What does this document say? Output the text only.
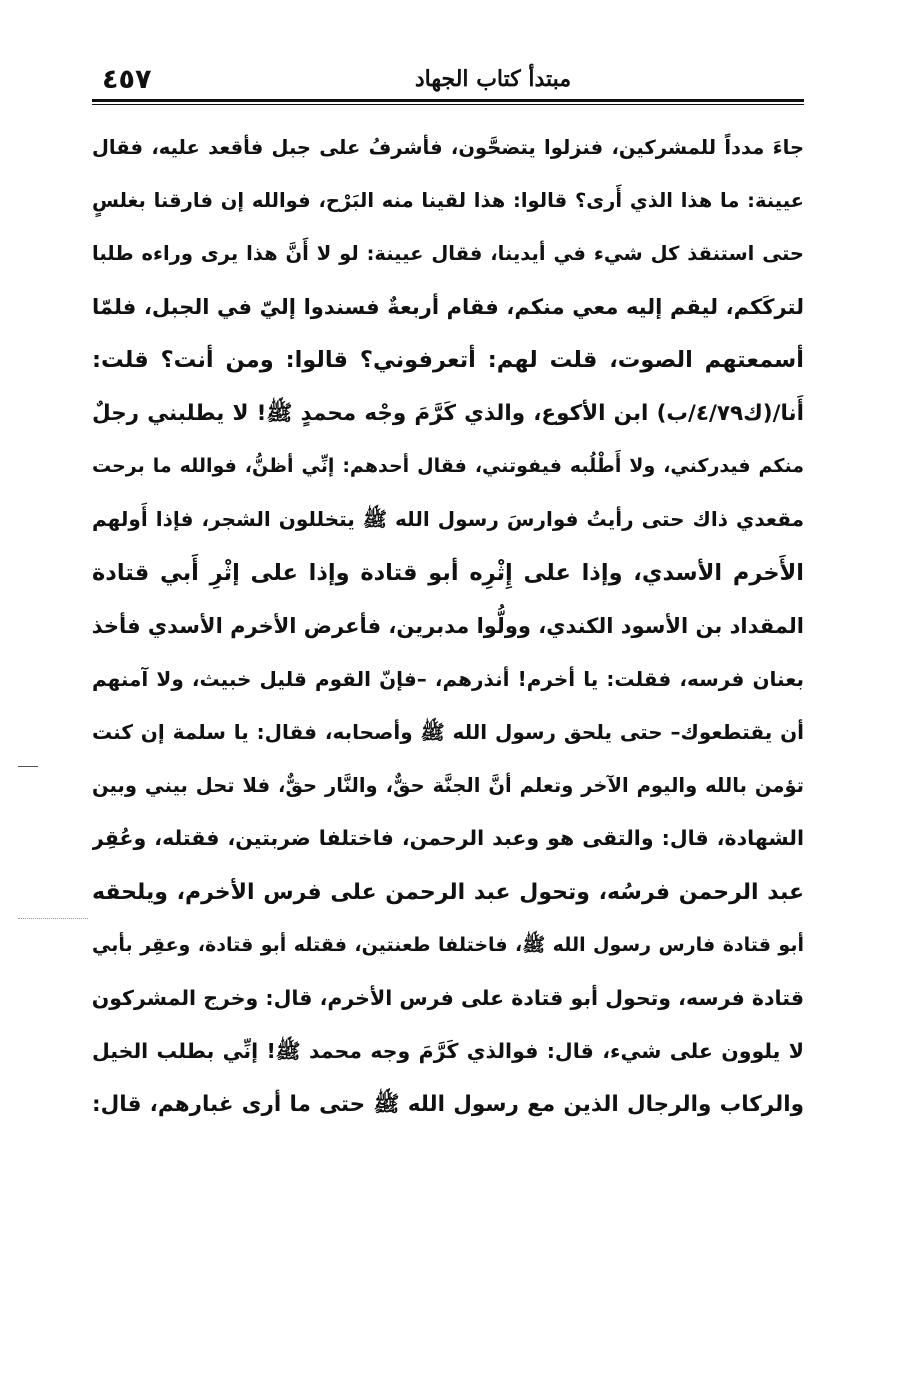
٤٥٧	مبتدأ كتاب الجهاد
جاءَ مدداً للمشركين، فنزلوا يتضحَّون، فأشرفُ على جبل فأقعد عليه، فقال
عيينة: ما هذا الذي أَرى؟ قالوا: هذا لقينا منه البَرْح، فوالله إن فارقنا بغلسٍ
حتى استنقذ كل شيء في أيدينا، فقال عيينة: لو لا أَنَّ هذا يرى وراءه طلبا
لتركَكم، ليقم إليه معي منكم، فقام أربعةٌ فسندوا إليّ في الجبل، فلمّا
أسمعتهم الصوت، قلت لهم: أتعرفوني؟ قالوا: ومن أنت؟ قلت:
أَنا/(ك٤/٧٩/ب) ابن الأكوع، والذي كَرَّمَ وجْه محمدٍ ﷺ! لا يطلبني رجلٌ
منكم فيدركني، ولا أَطْلُبه فيفوتني، فقال أحدهم: إنِّي أظنُّ، فوالله ما برحت
مقعدي ذاك حتى رأيتُ فوارسَ رسول الله ﷺ يتخللون الشجر، فإذا أَولهم
الأَخرم الأسدي، وإذا على إِثْرِه أبو قتادة وإذا على إثْرِ أَبي قتادة
المقداد بن الأسود الكندي، وولُّوا مدبرين، فأعرض الأخرم الأسدي فأخذ
بعنان فرسه، فقلت: يا أخرم! أنذرهم، –فإنّ القوم قليل خبيث، ولا آمنهم
أن يقتطعوك– حتى يلحق رسول الله ﷺ وأصحابه، فقال: يا سلمة إن كنت
تؤمن بالله واليوم الآخر وتعلم أنَّ الجنَّة حقٌّ، والنَّار حقٌّ، فلا تحل بيني وبين
الشهادة، قال: والتقى هو وعبد الرحمن، فاختلفا ضربتين، فقتله، وعُقِر
عبد الرحمن فرسُه، وتحول عبد الرحمن على فرس الأخرم، ويلحقه
أبو قتادة فارس رسول الله ﷺ، فاختلفا طعنتين، فقتله أبو قتادة، وعقِر بأبي
قتادة فرسه، وتحول أبو قتادة على فرس الأخرم، قال: وخرج المشركون
لا يلوون على شيء، قال: فوالذي كَرَّمَ وجه محمد ﷺ! إنِّي بطلب الخيل
والركاب والرجال الذين مع رسول الله ﷺ حتى ما أرى غبارهم، قال:
